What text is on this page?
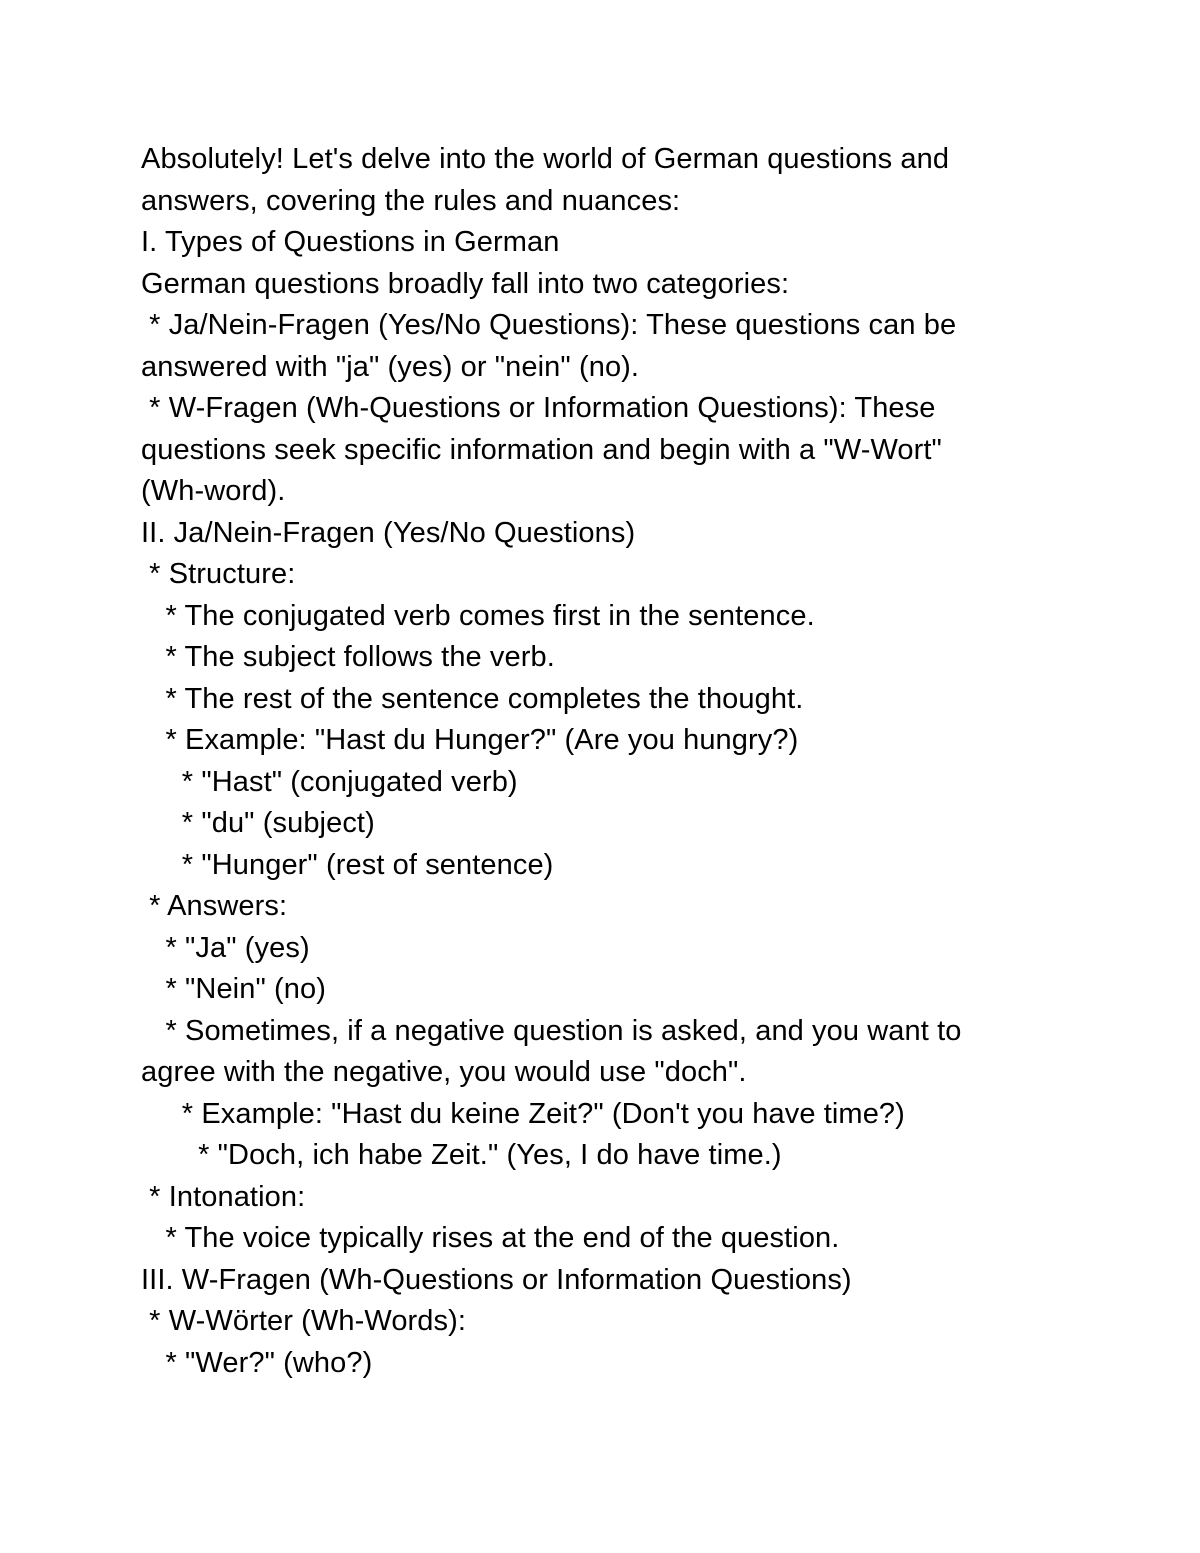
Absolutely! Let's delve into the world of German questions and

answers, covering the rules and nuances:

I. Types of Questions in German

German questions broadly fall into two categories:

* Ja/Nein-Fragen (Yes/No Questions): These questions can be

answered with "ja" (yes) or "nein" (no).

* W-Fragen (Wh-Questions or Information Questions): These

questions seek specific information and begin with a "W-Wort"

(Wh-word).

II. Ja/Nein-Fragen (Yes/No Questions)

* Structure:

* The conjugated verb comes first in the sentence.

* The subject follows the verb.

* The rest of the sentence completes the thought.

* Example: "Hast du Hunger?" (Are you hungry?)

* "Hast" (conjugated verb)

* "du" (subject)

* "Hunger" (rest of sentence)

* Answers:

* "Ja" (yes)

* "Nein" (no)

* Sometimes, if a negative question is asked, and you want to

agree with the negative, you would use "doch".

* Example: "Hast du keine Zeit?" (Don't you have time?)

* "Doch, ich habe Zeit." (Yes, I do have time.)

* Intonation:

* The voice typically rises at the end of the question.

III. W-Fragen (Wh-Questions or Information Questions)

* W-Wörter (Wh-Words):

* "Wer?" (who?)
